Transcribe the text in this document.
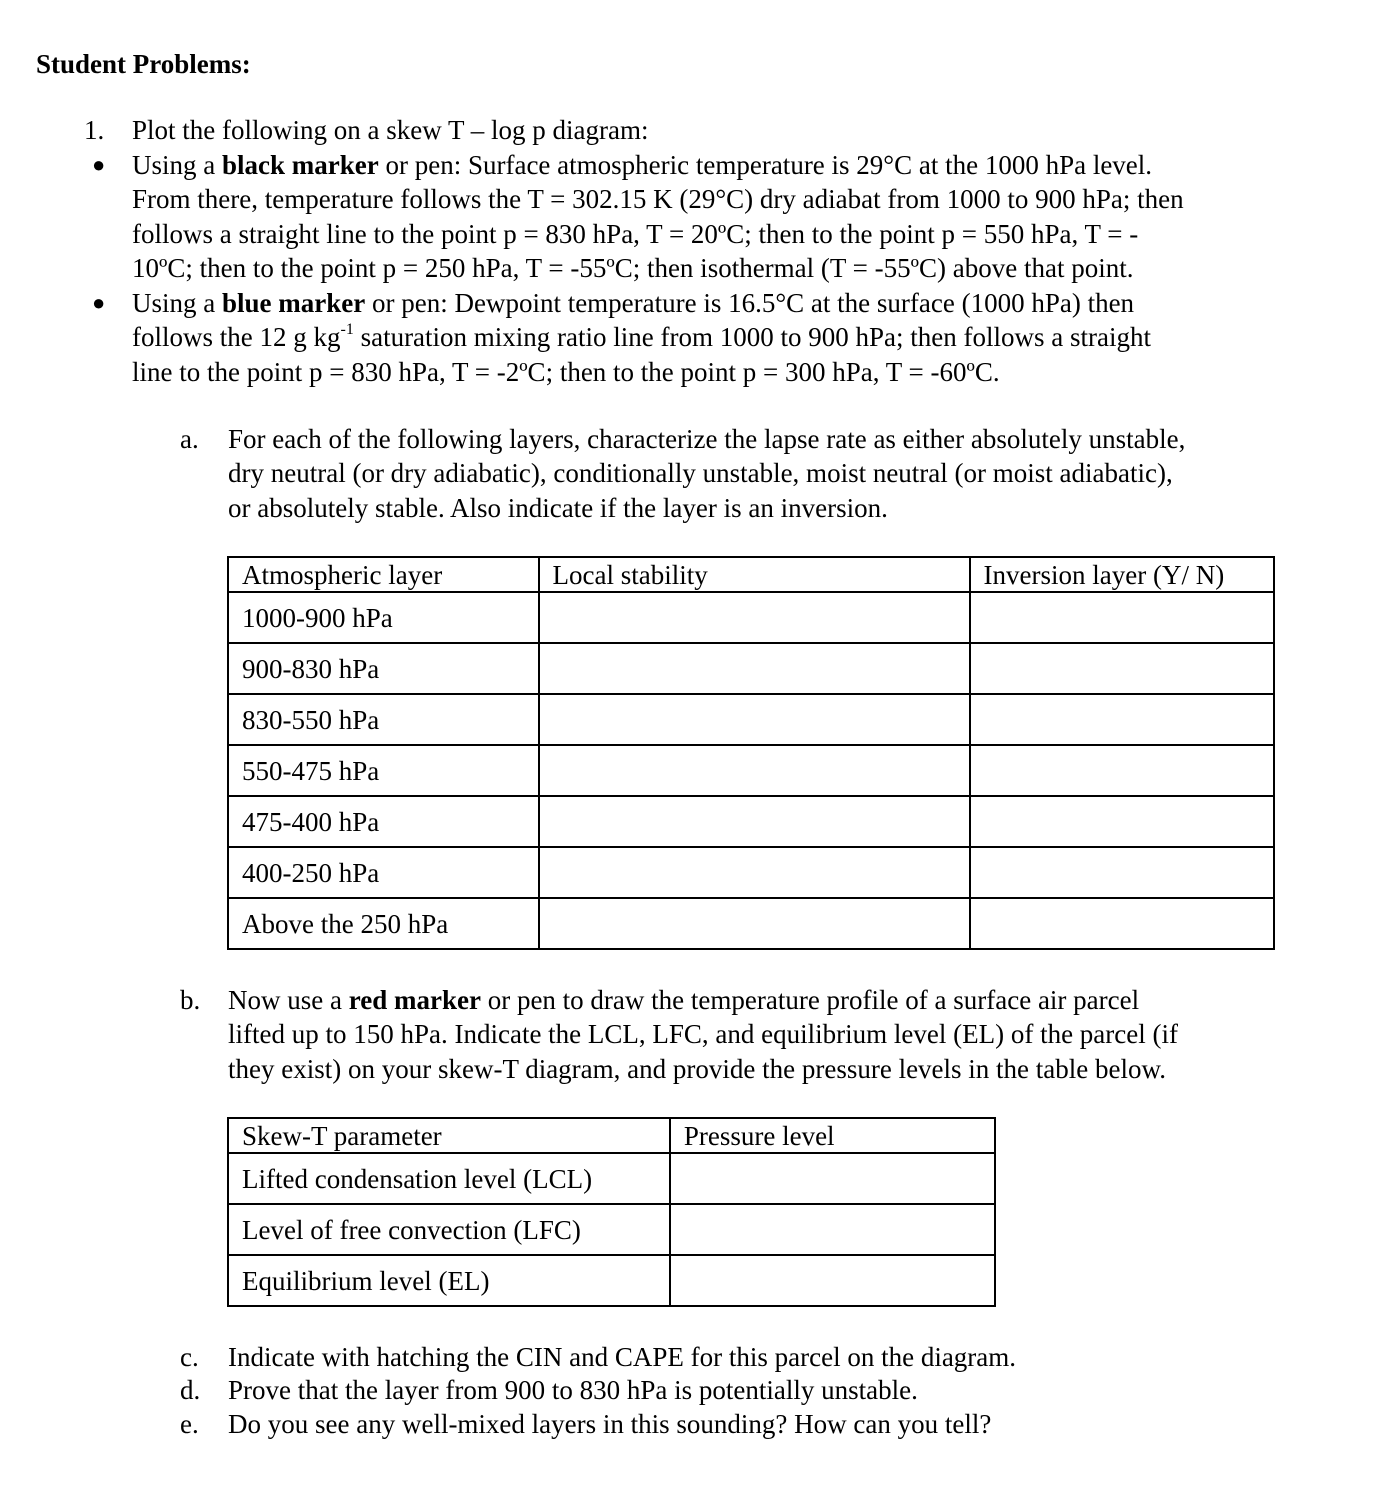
Student Problems:
1. Plot the following on a skew T – log p diagram:
● Using a black marker or pen: Surface atmospheric temperature is 29°C at the 1000 hPa level.
From there, temperature follows the T = 302.15 K (29°C) dry adiabat from 1000 to 900 hPa; then
follows a straight line to the point p = 830 hPa, T = 20ºC; then to the point p = 550 hPa, T = -
10ºC; then to the point p = 250 hPa, T = -55ºC; then isothermal (T = -55ºC) above that point.
● Using a blue marker or pen: Dewpoint temperature is 16.5°C at the surface (1000 hPa) then
follows the 12 g $kg^{-1}$ saturation mixing ratio line from 1000 to 900 hPa; then follows a straight
line to the point p = 830 hPa, T = -2ºC; then to the point p = 300 hPa, T = -60ºC.
a. For each of the following layers, characterize the lapse rate as either absolutely unstable,
dry neutral (or dry adiabatic), conditionally unstable, moist neutral (or moist adiabatic),
or absolutely stable. Also indicate if the layer is an inversion.
Atmospheric layer	Local stability	Inversion layer (Y/ N)
1000-900 hPa		
900-830 hPa		
830-550 hPa		
550-475 hPa		
475-400 hPa		
400-250 hPa		
Above the 250 hPa		
b. Now use a red marker or pen to draw the temperature profile of a surface air parcel
lifted up to 150 hPa. Indicate the LCL, LFC, and equilibrium level (EL) of the parcel (if
they exist) on your skew-T diagram, and provide the pressure levels in the table below.
Skew-T parameter	Pressure level
Lifted condensation level (LCL)	
Level of free convection (LFC)	
Equilibrium level (EL)	
c. Indicate with hatching the CIN and CAPE for this parcel on the diagram.
d. Prove that the layer from 900 to 830 hPa is potentially unstable.
e. Do you see any well-mixed layers in this sounding? How can you tell?
